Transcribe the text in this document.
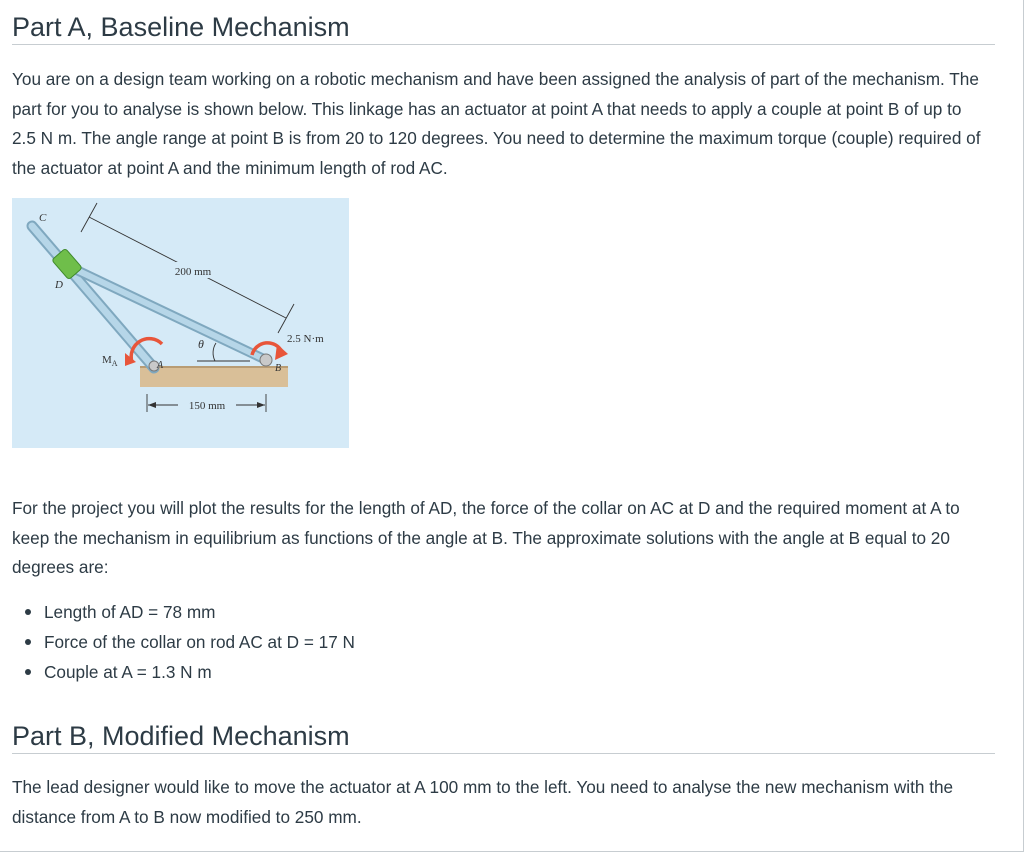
Part A, Baseline Mechanism

You are on a design team working on a robotic mechanism and have been assigned the analysis of part of the mechanism. The part for you to analyse is shown below. This linkage has an actuator at point A that needs to apply a couple at point B of up to 2.5 N m. The angle range at point B is from 20 to 120 degrees. You need to determine the maximum torque (couple) required of the actuator at point A and the minimum length of rod AC.

200 mm
θ
C
D
$M_A$	A	B
2.5 N·m
150 mm

For the project you will plot the results for the length of AD, the force of the collar on AC at D and the required moment at A to keep the mechanism in equilibrium as functions of the angle at B. The approximate solutions with the angle at B equal to 20 degrees are:

Length of AD = 78 mm
Force of the collar on rod AC at D = 17 N
Couple at A = 1.3 N m
Part B, Modified Mechanism

The lead designer would like to move the actuator at A 100 mm to the left. You need to analyse the new mechanism with the distance from A to B now modified to 250 mm.
